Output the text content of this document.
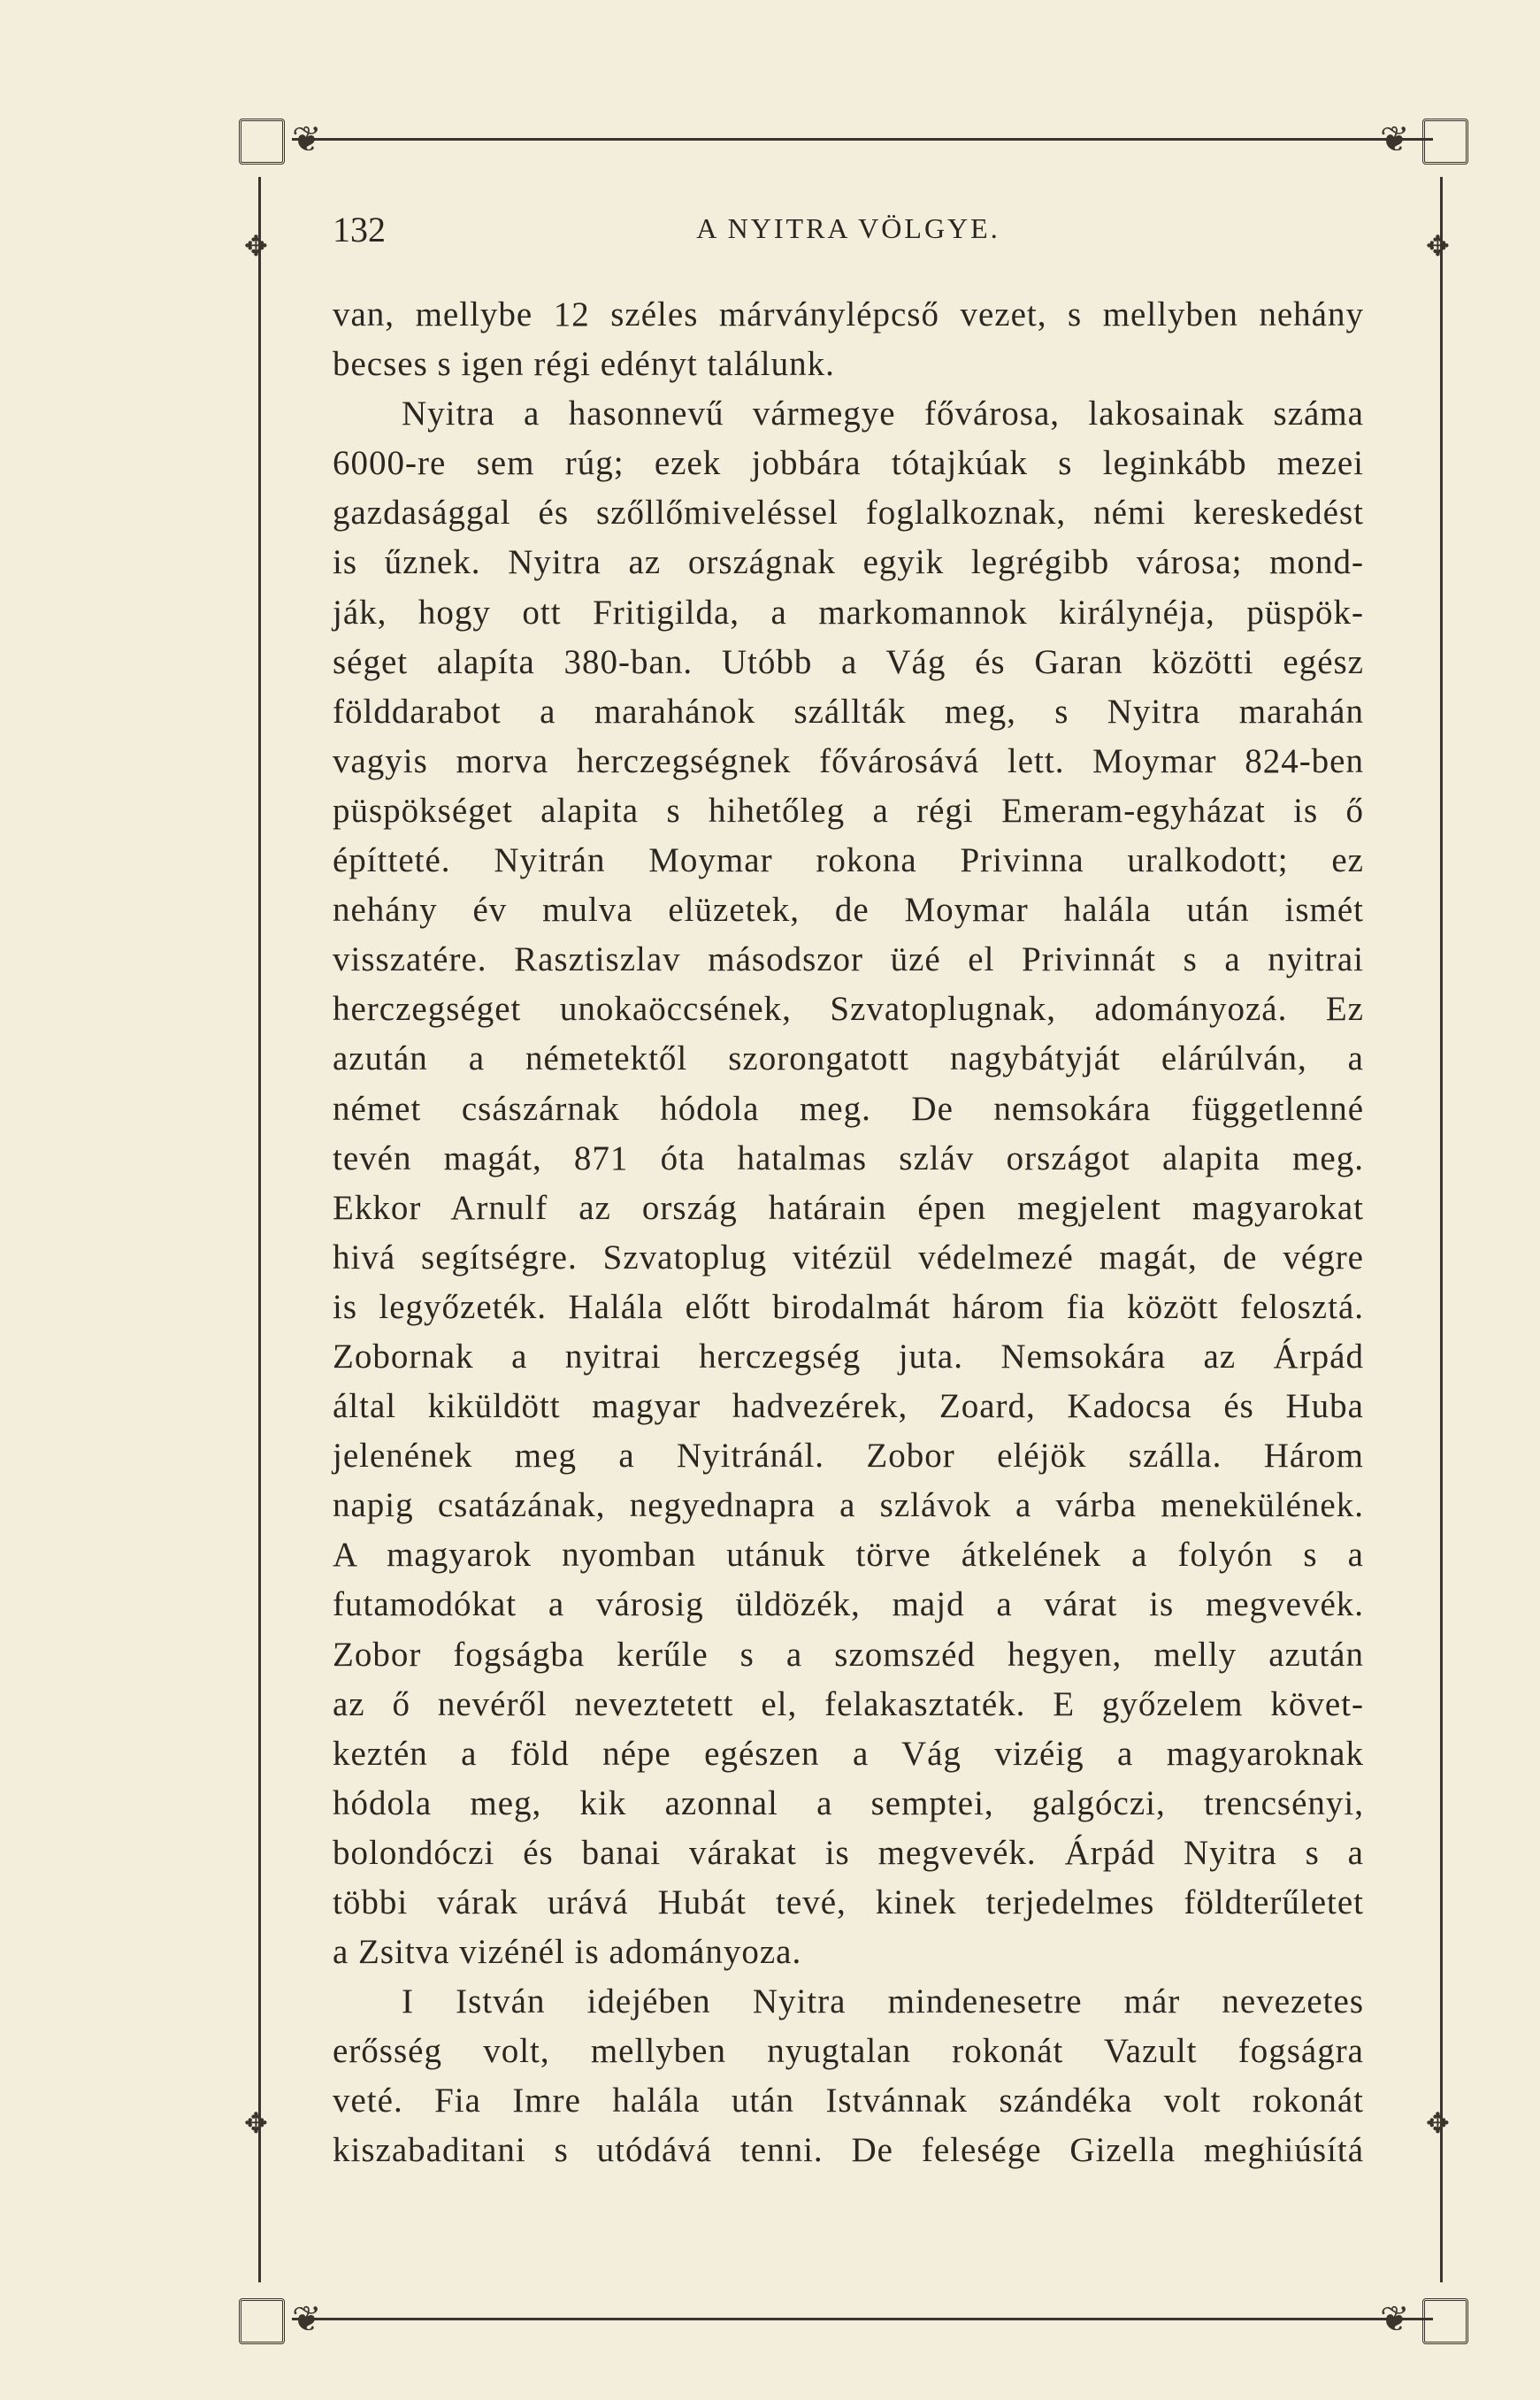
❦	❦
❦	❦
✥	✥
✥	✥
132	A NYITRA VÖLGYE.
van, mellybe 12 széles márványlépcső vezet, s mellyben nehány
becses s igen régi edényt találunk.
Nyitra a hasonnevű vármegye fővárosa, lakosainak száma
6000-re sem rúg; ezek jobbára tótajkúak s leginkább mezei
gazdasággal és szőllőmiveléssel foglalkoznak, némi kereskedést
is űznek. Nyitra az országnak egyik legrégibb városa; mond-
ják, hogy ott Fritigilda, a markomannok királynéja, püspök-
séget alapíta 380-ban. Utóbb a Vág és Garan közötti egész
földdarabot a marahánok szállták meg, s Nyitra marahán
vagyis morva herczegségnek fővárosává lett. Moymar 824-ben
püspökséget alapita s hihetőleg a régi Emeram-egyházat is ő
építteté. Nyitrán Moymar rokona Privinna uralkodott; ez
nehány év mulva elüzetek, de Moymar halála után ismét
visszatére. Rasztiszlav másodszor üzé el Privinnát s a nyitrai
herczegséget unokaöccsének, Szvatoplugnak, adományozá. Ez
azután a németektől szorongatott nagybátyját elárúlván, a
német császárnak hódola meg. De nemsokára függetlenné
tevén magát, 871 óta hatalmas szláv országot alapita meg.
Ekkor Arnulf az ország határain épen megjelent magyarokat
hivá segítségre. Szvatoplug vitézül védelmezé magát, de végre
is legyőzeték. Halála előtt birodalmát három fia között felosztá.
Zobornak a nyitrai herczegség juta. Nemsokára az Árpád
által kiküldött magyar hadvezérek, Zoard, Kadocsa és Huba
jelenének meg a Nyitránál. Zobor eléjök szálla. Három
napig csatázának, negyednapra a szlávok a várba menekülének.
A magyarok nyomban utánuk törve átkelének a folyón s a
futamodókat a városig üldözék, majd a várat is megvevék.
Zobor fogságba kerűle s a szomszéd hegyen, melly azután
az ő nevéről neveztetett el, felakasztaték. E győzelem követ-
keztén a föld népe egészen a Vág vizéig a magyaroknak
hódola meg, kik azonnal a semptei, galgóczi, trencsényi,
bolondóczi és banai várakat is megvevék. Árpád Nyitra s a
többi várak urává Hubát tevé, kinek terjedelmes földterűletet
a Zsitva vizénél is adományoza.
I István idejében Nyitra mindenesetre már nevezetes
erősség volt, mellyben nyugtalan rokonát Vazult fogságra
veté. Fia Imre halála után Istvánnak szándéka volt rokonát
kiszabaditani s utódává tenni. De felesége Gizella meghiúsítá
